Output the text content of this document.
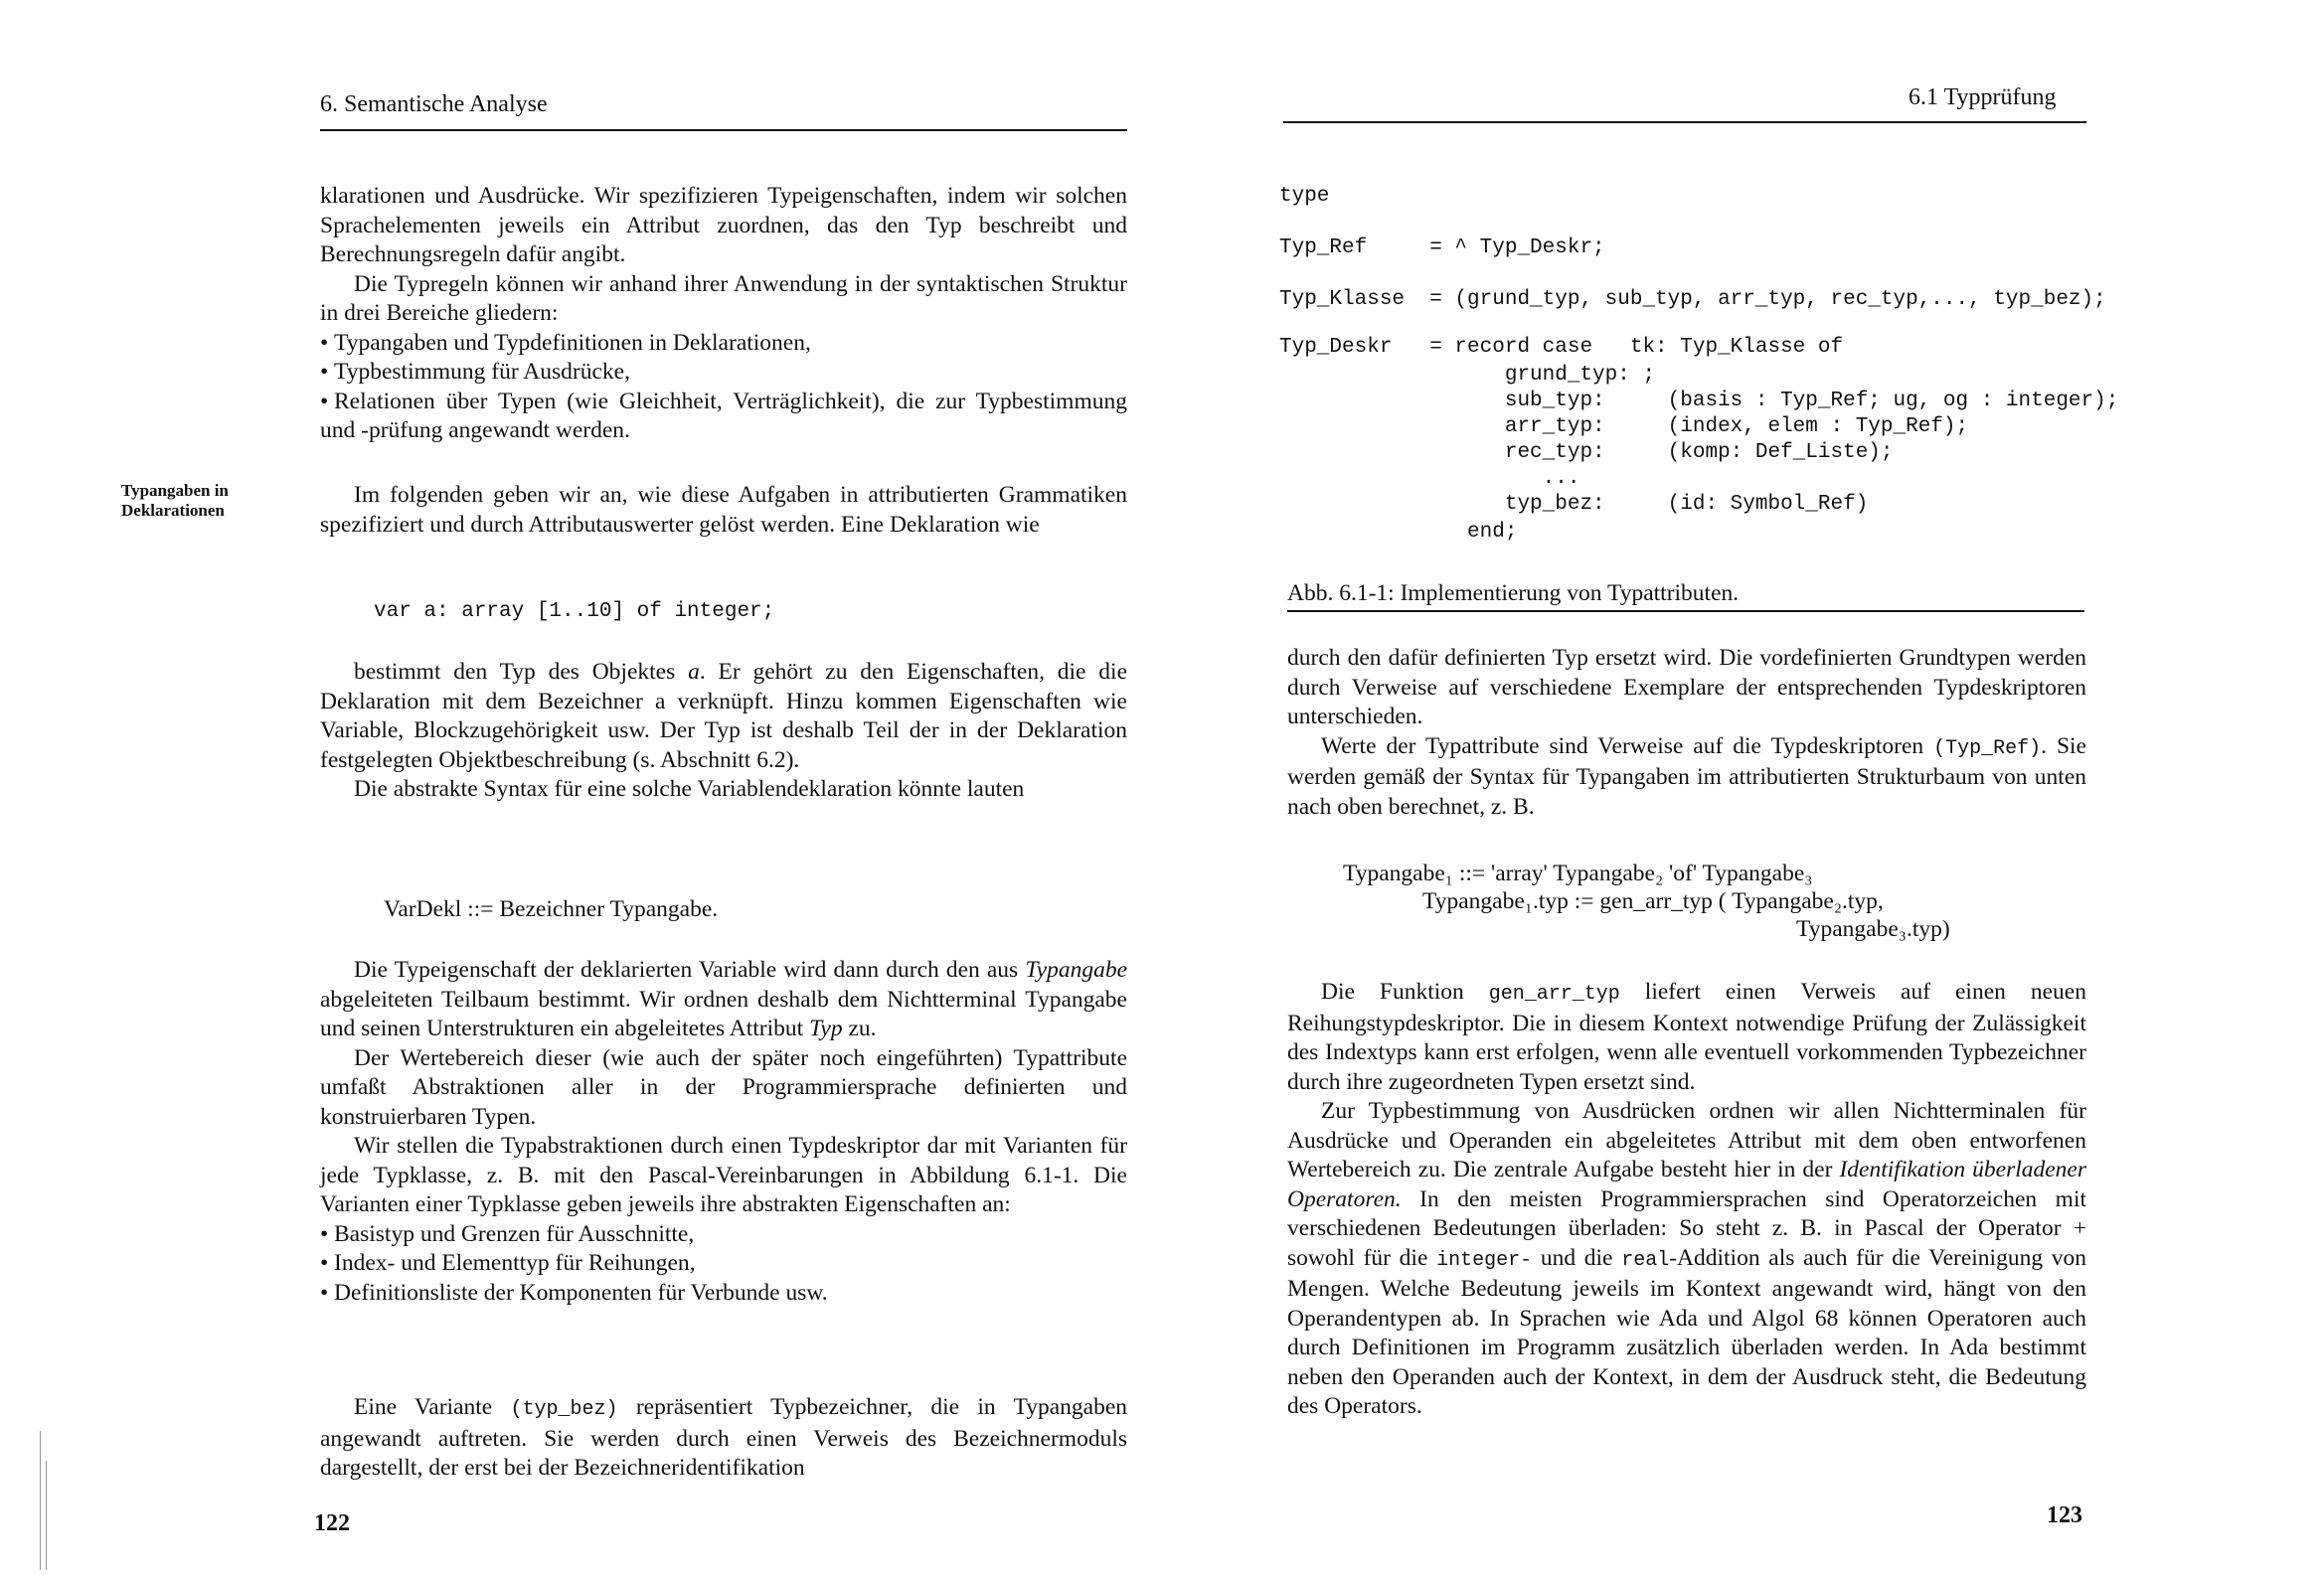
6. Semantische Analyse
Typangaben in Deklarationen

klarationen und Ausdrücke. Wir spezifizieren Typeigenschaften, indem wir solchen Sprachelementen jeweils ein Attribut zuordnen, das den Typ beschreibt und Berechnungsregeln dafür angibt.

Die Typregeln können wir anhand ihrer Anwendung in der syntaktischen Struktur in drei Bereiche gliedern:

• Typangaben und Typdefinitionen in Deklarationen,
• Typbestimmung für Ausdrücke,
• Relationen über Typen (wie Gleichheit, Verträglichkeit), die zur Typbestimmung und -prüfung angewandt werden.

Im folgenden geben wir an, wie diese Aufgaben in attributierten Grammatiken spezifiziert und durch Attributauswerter gelöst werden. Eine Deklaration wie

var a: array [1..10] of integer;

bestimmt den Typ des Objektes a. Er gehört zu den Eigenschaften, die die Deklaration mit dem Bezeichner a verknüpft. Hinzu kommen Eigenschaften wie Variable, Blockzugehörigkeit usw. Der Typ ist deshalb Teil der in der Deklaration festgelegten Objektbeschreibung (s. Abschnitt 6.2).

Die abstrakte Syntax für eine solche Variablendeklaration könnte lauten

VarDekl ::= Bezeichner Typangabe.

Die Typeigenschaft der deklarierten Variable wird dann durch den aus Typangabe abgeleiteten Teilbaum bestimmt. Wir ordnen deshalb dem Nichtterminal Typangabe und seinen Unterstrukturen ein abgeleitetes Attribut Typ zu.

Der Wertebereich dieser (wie auch der später noch eingeführten) Typattribute umfaßt Abstraktionen aller in der Programmiersprache definierten und konstruierbaren Typen.

Wir stellen die Typabstraktionen durch einen Typdeskriptor dar mit Varianten für jede Typklasse, z. B. mit den Pascal-Vereinbarungen in Abbildung 6.1-1. Die Varianten einer Typklasse geben jeweils ihre abstrakten Eigenschaften an:

• Basistyp und Grenzen für Ausschnitte,
• Index- und Elementtyp für Reihungen,
• Definitionsliste der Komponenten für Verbunde usw.

Eine Variante (typ_bez) repräsentiert Typbezeichner, die in Typangaben angewandt auftreten. Sie werden durch einen Verweis des Bezeichnermoduls dargestellt, der erst bei der Bezeichneridentifikation

122
6.1 Typprüfung
type
Typ_Ref     = ^ Typ_Deskr;
Typ_Klasse  = (grund_typ, sub_typ, arr_typ, rec_typ,..., typ_bez);
Typ_Deskr   = record case   tk: Typ_Klasse of
grund_typ: ;
sub_typ:     (basis : Typ_Ref; ug, og : integer);
arr_typ:     (index, elem : Typ_Ref);
rec_typ:     (komp: Def_Liste);
...
typ_bez:     (id: Symbol_Ref)
end;
Abb. 6.1-1: Implementierung von Typattributen.

durch den dafür definierten Typ ersetzt wird. Die vordefinierten Grundtypen werden durch Verweise auf verschiedene Exemplare der entsprechenden Typdeskriptoren unterschieden.

Werte der Typattribute sind Verweise auf die Typdeskriptoren (Typ_Ref). Sie werden gemäß der Syntax für Typangaben im attributierten Strukturbaum von unten nach oben berechnet, z. B.

Typangabe₁ ::= 'array' Typangabe₂ 'of' Typangabe₃
Typangabe₁.typ := gen_arr_typ ( Typangabe₂.typ,
Typangabe₃.typ)

Die Funktion gen_arr_typ liefert einen Verweis auf einen neuen Reihungstypdeskriptor. Die in diesem Kontext notwendige Prüfung der Zulässigkeit des Indextyps kann erst erfolgen, wenn alle eventuell vorkommenden Typbezeichner durch ihre zugeordneten Typen ersetzt sind.

Zur Typbestimmung von Ausdrücken ordnen wir allen Nichtterminalen für Ausdrücke und Operanden ein abgeleitetes Attribut mit dem oben entworfenen Wertebereich zu. Die zentrale Aufgabe besteht hier in der Identifikation überladener Operatoren. In den meisten Programmiersprachen sind Operatorzeichen mit verschiedenen Bedeutungen überladen: So steht z. B. in Pascal der Operator + sowohl für die integer- und die real-Addition als auch für die Vereinigung von Mengen. Welche Bedeutung jeweils im Kontext angewandt wird, hängt von den Operandentypen ab. In Sprachen wie Ada und Algol 68 können Operatoren auch durch Definitionen im Programm zusätzlich überladen werden. In Ada bestimmt neben den Operanden auch der Kontext, in dem der Ausdruck steht, die Bedeutung des Operators.

123
